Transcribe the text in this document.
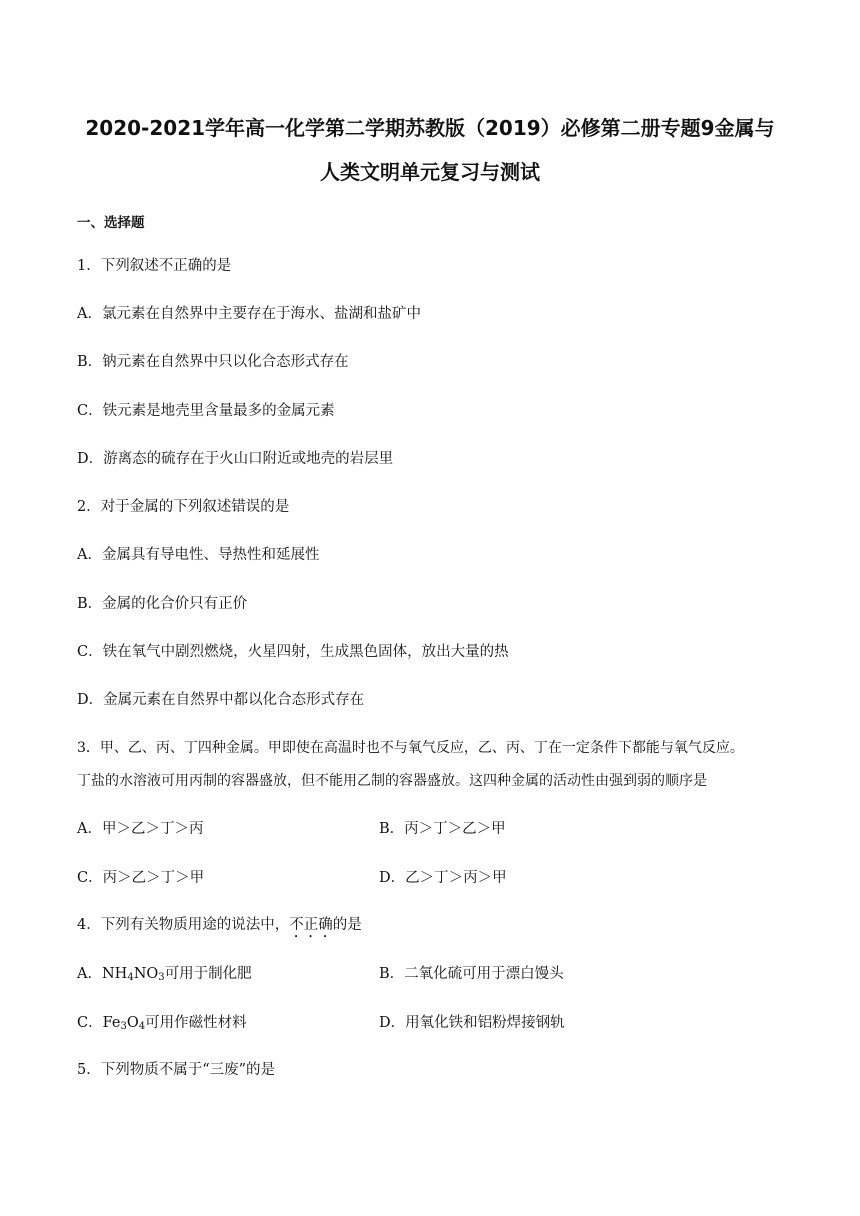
2020-2021学年高一化学第二学期苏教版（2019）必修第二册专题9金属与
人类文明单元复习与测试
一、选择题
1．下列叙述不正确的是
A．氯元素在自然界中主要存在于海水、盐湖和盐矿中
B．钠元素在自然界中只以化合态形式存在
C．铁元素是地壳里含量最多的金属元素
D．游离态的硫存在于火山口附近或地壳的岩层里
2．对于金属的下列叙述错误的是
A．金属具有导电性、导热性和延展性
B．金属的化合价只有正价
C．铁在氧气中剧烈燃烧，火星四射，生成黑色固体，放出大量的热
D．金属元素在自然界中都以化合态形式存在
3．甲、乙、丙、丁四种金属。甲即使在高温时也不与氧气反应，乙、丙、丁在一定条件下都能与氧气反应。
丁盐的水溶液可用丙制的容器盛放，但不能用乙制的容器盛放。这四种金属的活动性由强到弱的顺序是
A．甲＞乙＞丁＞丙	B．丙＞丁＞乙＞甲
C．丙＞乙＞丁＞甲	D．乙＞丁＞丙＞甲
4．下列有关物质用途的说法中，不正确的是
A．$NH_4NO_3$可用于制化肥	B．二氧化硫可用于漂白馒头
C．$Fe_3O_4$可用作磁性材料	D．用氧化铁和铝粉焊接钢轨
5．下列物质不属于“三废”的是
